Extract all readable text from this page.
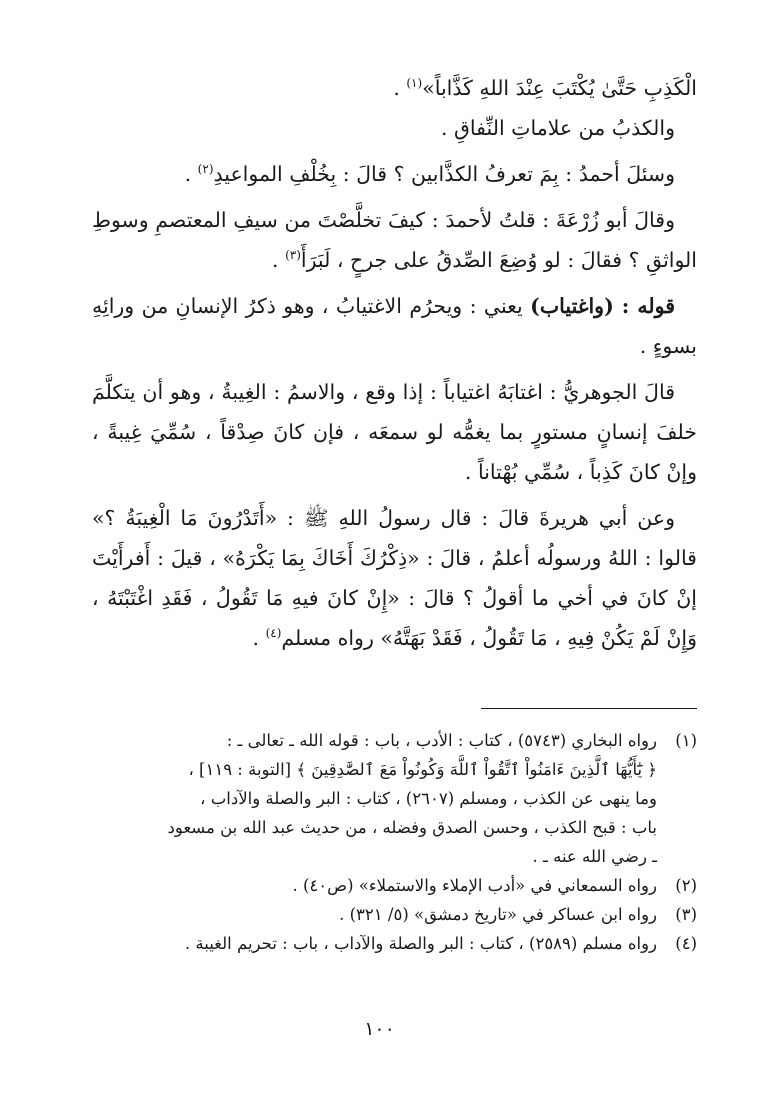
الْكَذِبِ حَتَّىٰ يُكْتَبَ عِنْدَ اللهِ كَذَّاباً»$^{(١)}$ .

والكذبُ من علاماتِ النِّفاقِ .

وسئلَ أحمدُ : بِمَ تعرفُ الكذَّابين ؟ قالَ : بِخُلْفِ المواعيدِ$^{(٢)}$ .

وقالَ أبو زُرْعَةَ : قلتُ لأحمدَ : كيفَ تخلَّصْتَ من سيفِ المعتصمِ وسوطِ الواثقِ ؟ فقالَ : لو وُضِعَ الصِّدقُ على جرحٍ ، لَبَرَأَ$^{(٣)}$ .

قوله : (واغتياب) يعني : ويحرُم الاغتيابُ ، وهو ذكرُ الإنسانِ من ورائِهِ بسوءٍ .

قالَ الجوهريُّ : اغتابَهُ اغتياباً : إذا وقع ، والاسمُ : الغِيبةُ ، وهو أن يتكلَّمَ خلفَ إنسانٍ مستورٍ بما يغمُّه لو سمعَه ، فإن كانَ صِدْقاً ، سُمِّيَ غِيبةً ، وإنْ كانَ كَذِباً ، سُمِّي بُهْتاناً .

وعن أبي هريرةَ قالَ : قال رسولُ اللهِ ﷺ : «أَتَدْرُونَ مَا الْغِيبَةُ ؟» قالوا : اللهُ ورسولُه أعلمُ ، قالَ : «ذِكْرُكَ أَخَاكَ بِمَا يَكْرَهُ» ، قيلَ : أَفرأَيْتَ إنْ كانَ في أخي ما أقولُ ؟ قالَ : «إِنْ كانَ فيهِ مَا تَقُولُ ، فَقَدِ اغْتَبْتَهُ ، وَإِنْ لَمْ يَكُنْ فِيهِ ، مَا تَقُولُ ، فَقَدْ بَهَتَّهُ» رواه مسلم$^{(٤)}$ .

(١)
رواه البخاري (٥٧٤٣) ، كتاب : الأدب ، باب : قوله الله ـ تعالى ـ :
﴿ يَٰٓأَيُّهَا ٱلَّذِينَ ءَامَنُواْ ٱتَّقُواْ ٱللَّهَ وَكُونُواْ مَعَ ٱلصَّٰدِقِينَ ﴾ [التوبة : ١١٩] ،
وما ينهى عن الكذب ، ومسلم (٢٦٠٧) ، كتاب : البر والصلة والآداب ،
باب : قبح الكذب ، وحسن الصدق وفضله ، من حديث عبد الله بن مسعود
ـ رضي الله عنه ـ .
(٢)
رواه السمعاني في «أدب الإملاء والاستملاء» (ص٤٠) .
(٣)
رواه ابن عساكر في «تاريخ دمشق» (٥/ ٣٢١) .
(٤)
رواه مسلم (٢٥٨٩) ، كتاب : البر والصلة والآداب ، باب : تحريم الغيبة .
١٠٠
